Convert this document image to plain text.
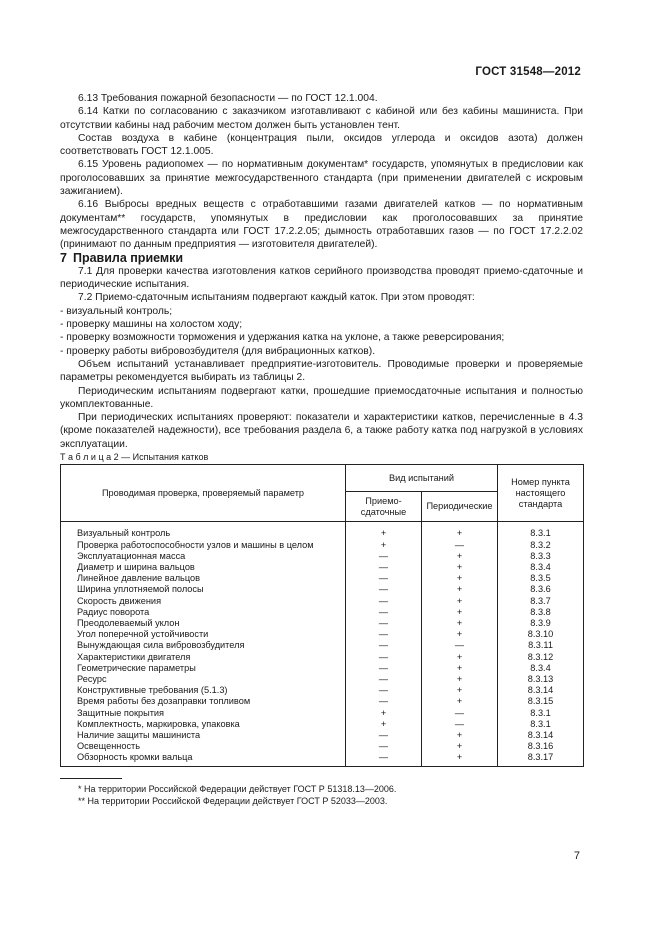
ГОСТ 31548—2012

6.13 Требования пожарной безопасности — по ГОСТ 12.1.004.

6.14 Катки по согласованию с заказчиком изготавливают с кабиной или без кабины машиниста. При отсутствии кабины над рабочим местом должен быть установлен тент.

Состав воздуха в кабине (концентрация пыли, оксидов углерода и оксидов азота) должен соответствовать ГОСТ 12.1.005.

6.15 Уровень радиопомех — по нормативным документам* государств, упомянутых в предисловии как проголосовавших за принятие межгосударственного стандарта (при применении двигателей с искровым зажиганием).

6.16 Выбросы вредных веществ с отработавшими газами двигателей катков — по нормативным документам** государств, упомянутых в предисловии как проголосовавших за принятие межгосударственного стандарта или ГОСТ 17.2.2.05; дымность отработавших газов — по ГОСТ 17.2.2.02 (принимают по данным предприятия — изготовителя двигателей).

7 Правила приемки

7.1 Для проверки качества изготовления катков серийного производства проводят приемо-сдаточные и периодические испытания.

7.2 Приемо-сдаточным испытаниям подвергают каждый каток. При этом проводят:

- визуальный контроль;

- проверку машины на холостом ходу;

- проверку возможности торможения и удержания катка на уклоне, а также реверсирования;

- проверку работы вибровозбудителя (для вибрационных катков).

Объем испытаний устанавливает предприятие-изготовитель. Проводимые проверки и проверяемые параметры рекомендуется выбирать из таблицы 2.

Периодическим испытаниям подвергают катки, прошедшие приемосдаточные испытания и полностью укомплектованные.

При периодических испытаниях проверяют: показатели и характеристики катков, перечисленные в 4.3 (кроме показателей надежности), все требования раздела 6, а также работу катка под нагрузкой в условиях эксплуатации.

Т а б л и ц а 2 — Испытания катков

Проводимая проверка, проверяемый параметр	Вид испытаний		Номер пункта настоящего стандарта
	Приемо-сдаточные	Периодические	
Визуальный контроль	+	+	8.3.1
Проверка работоспособности узлов и машины в целом	+	—	8.3.2
Эксплуатационная масса	—	+	8.3.3
Диаметр и ширина вальцов	—	+	8.3.4
Линейное давление вальцов	—	+	8.3.5
Ширина уплотняемой полосы	—	+	8.3.6
Скорость движения	—	+	8.3.7
Радиус поворота	—	+	8.3.8
Преодолеваемый уклон	—	+	8.3.9
Угол поперечной устойчивости	—	+	8.3.10
Вынуждающая сила вибровозбудителя	—	—	8.3.11
Характеристики двигателя	—	+	8.3.12
Геометрические параметры	—	+	8.3.4
Ресурс	—	+	8.3.13
Конструктивные требования (5.1.3)	—	+	8.3.14
Время работы без дозаправки топливом	—	+	8.3.15
Защитные покрытия	+	—	8.3.1
Комплектность, маркировка, упаковка	+	—	8.3.1
Наличие защиты машиниста	—	+	8.3.14
Освещенность	—	+	8.3.16
Обзорность кромки вальца	—	+	8.3.17
* На территории Российской Федерации действует ГОСТ Р 51318.13—2006.
** На территории Российской Федерации действует ГОСТ Р 52033—2003.
7
